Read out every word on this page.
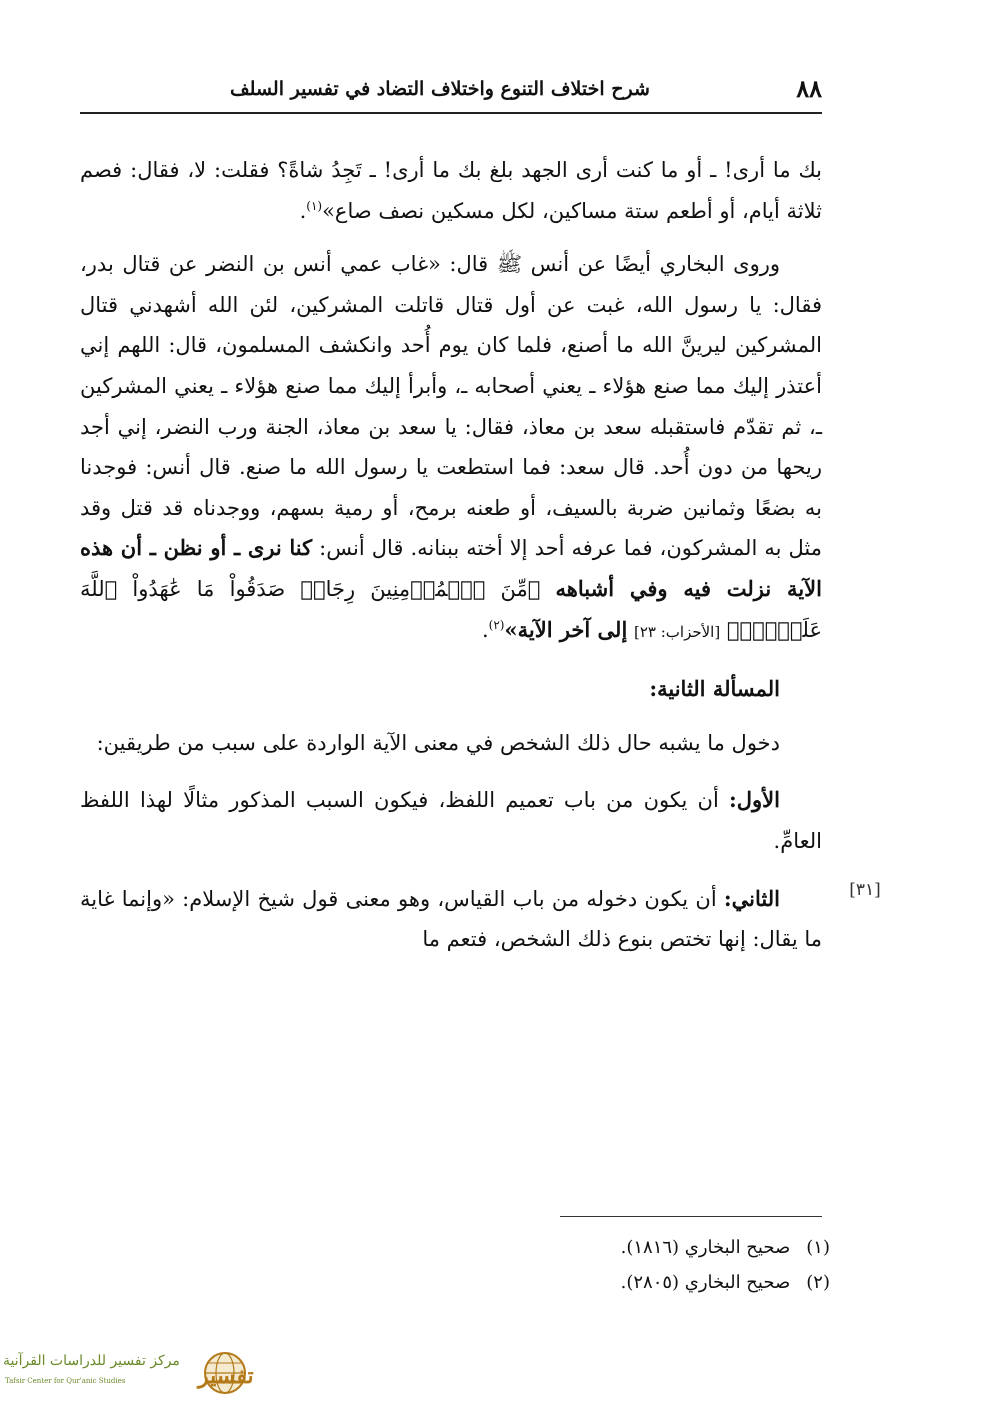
٨٨
شرح اختلاف التنوع واختلاف التضاد في تفسير السلف

بك ما أرى! ـ أو ما كنت أرى الجهد بلغ بك ما أرى! ـ تَجِدُ شاةً؟ فقلت: لا، فقال: فصم ثلاثة أيام، أو أطعم ستة مساكين، لكل مسكين نصف صاع»$^{(١)}$.

وروى البخاري أيضًا عن أنس ﷺ قال: «غاب عمي أنس بن النضر عن قتال بدر، فقال: يا رسول الله، غبت عن أول قتال قاتلت المشركين، لئن الله أشهدني قتال المشركين ليرينَّ الله ما أصنع، فلما كان يوم أُحد وانكشف المسلمون، قال: اللهم إني أعتذر إليك مما صنع هؤلاء ـ يعني أصحابه ـ، وأبرأ إليك مما صنع هؤلاء ـ يعني المشركين ـ، ثم تقدّم فاستقبله سعد بن معاذ، فقال: يا سعد بن معاذ، الجنة ورب النضر، إني أجد ريحها من دون أُحد. قال سعد: فما استطعت يا رسول الله ما صنع. قال أنس: فوجدنا به بضعًا وثمانين ضربة بالسيف، أو طعنه برمح، أو رمية بسهم، ووجدناه قد قتل وقد مثل به المشركون، فما عرفه أحد إلا أخته ببنانه. قال أنس: كنا نرى ـ أو نظن ـ أن هذه الآية نزلت فيه وفي أشباهه ﴿مِّنَ ٱلۡمُؤۡمِنِينَ رِجَالٞ صَدَقُواْ مَا عَٰهَدُواْ ٱللَّهَ عَلَيۡهِۖ﴾ [الأحزاب: ٢٣] إلى آخر الآية»$^{(٢)}$.

المسألة الثانية:

دخول ما يشبه حال ذلك الشخص في معنى الآية الواردة على سبب من طريقين:

الأول: أن يكون من باب تعميم اللفظ، فيكون السبب المذكور مثالًا لهذا اللفظ العامِّ.

الثاني: أن يكون دخوله من باب القياس، وهو معنى قول شيخ الإسلام: «وإنما غاية ما يقال: إنها تختص بنوع ذلك الشخص، فتعم ما

[٣١]
(١) صحيح البخاري (١٨١٦).
(٢) صحيح البخاري (٢٨٠٥).
تفسير
مركز تفسير للدراسات القرآنية
Tafsir Center for Qur'anic Studies
